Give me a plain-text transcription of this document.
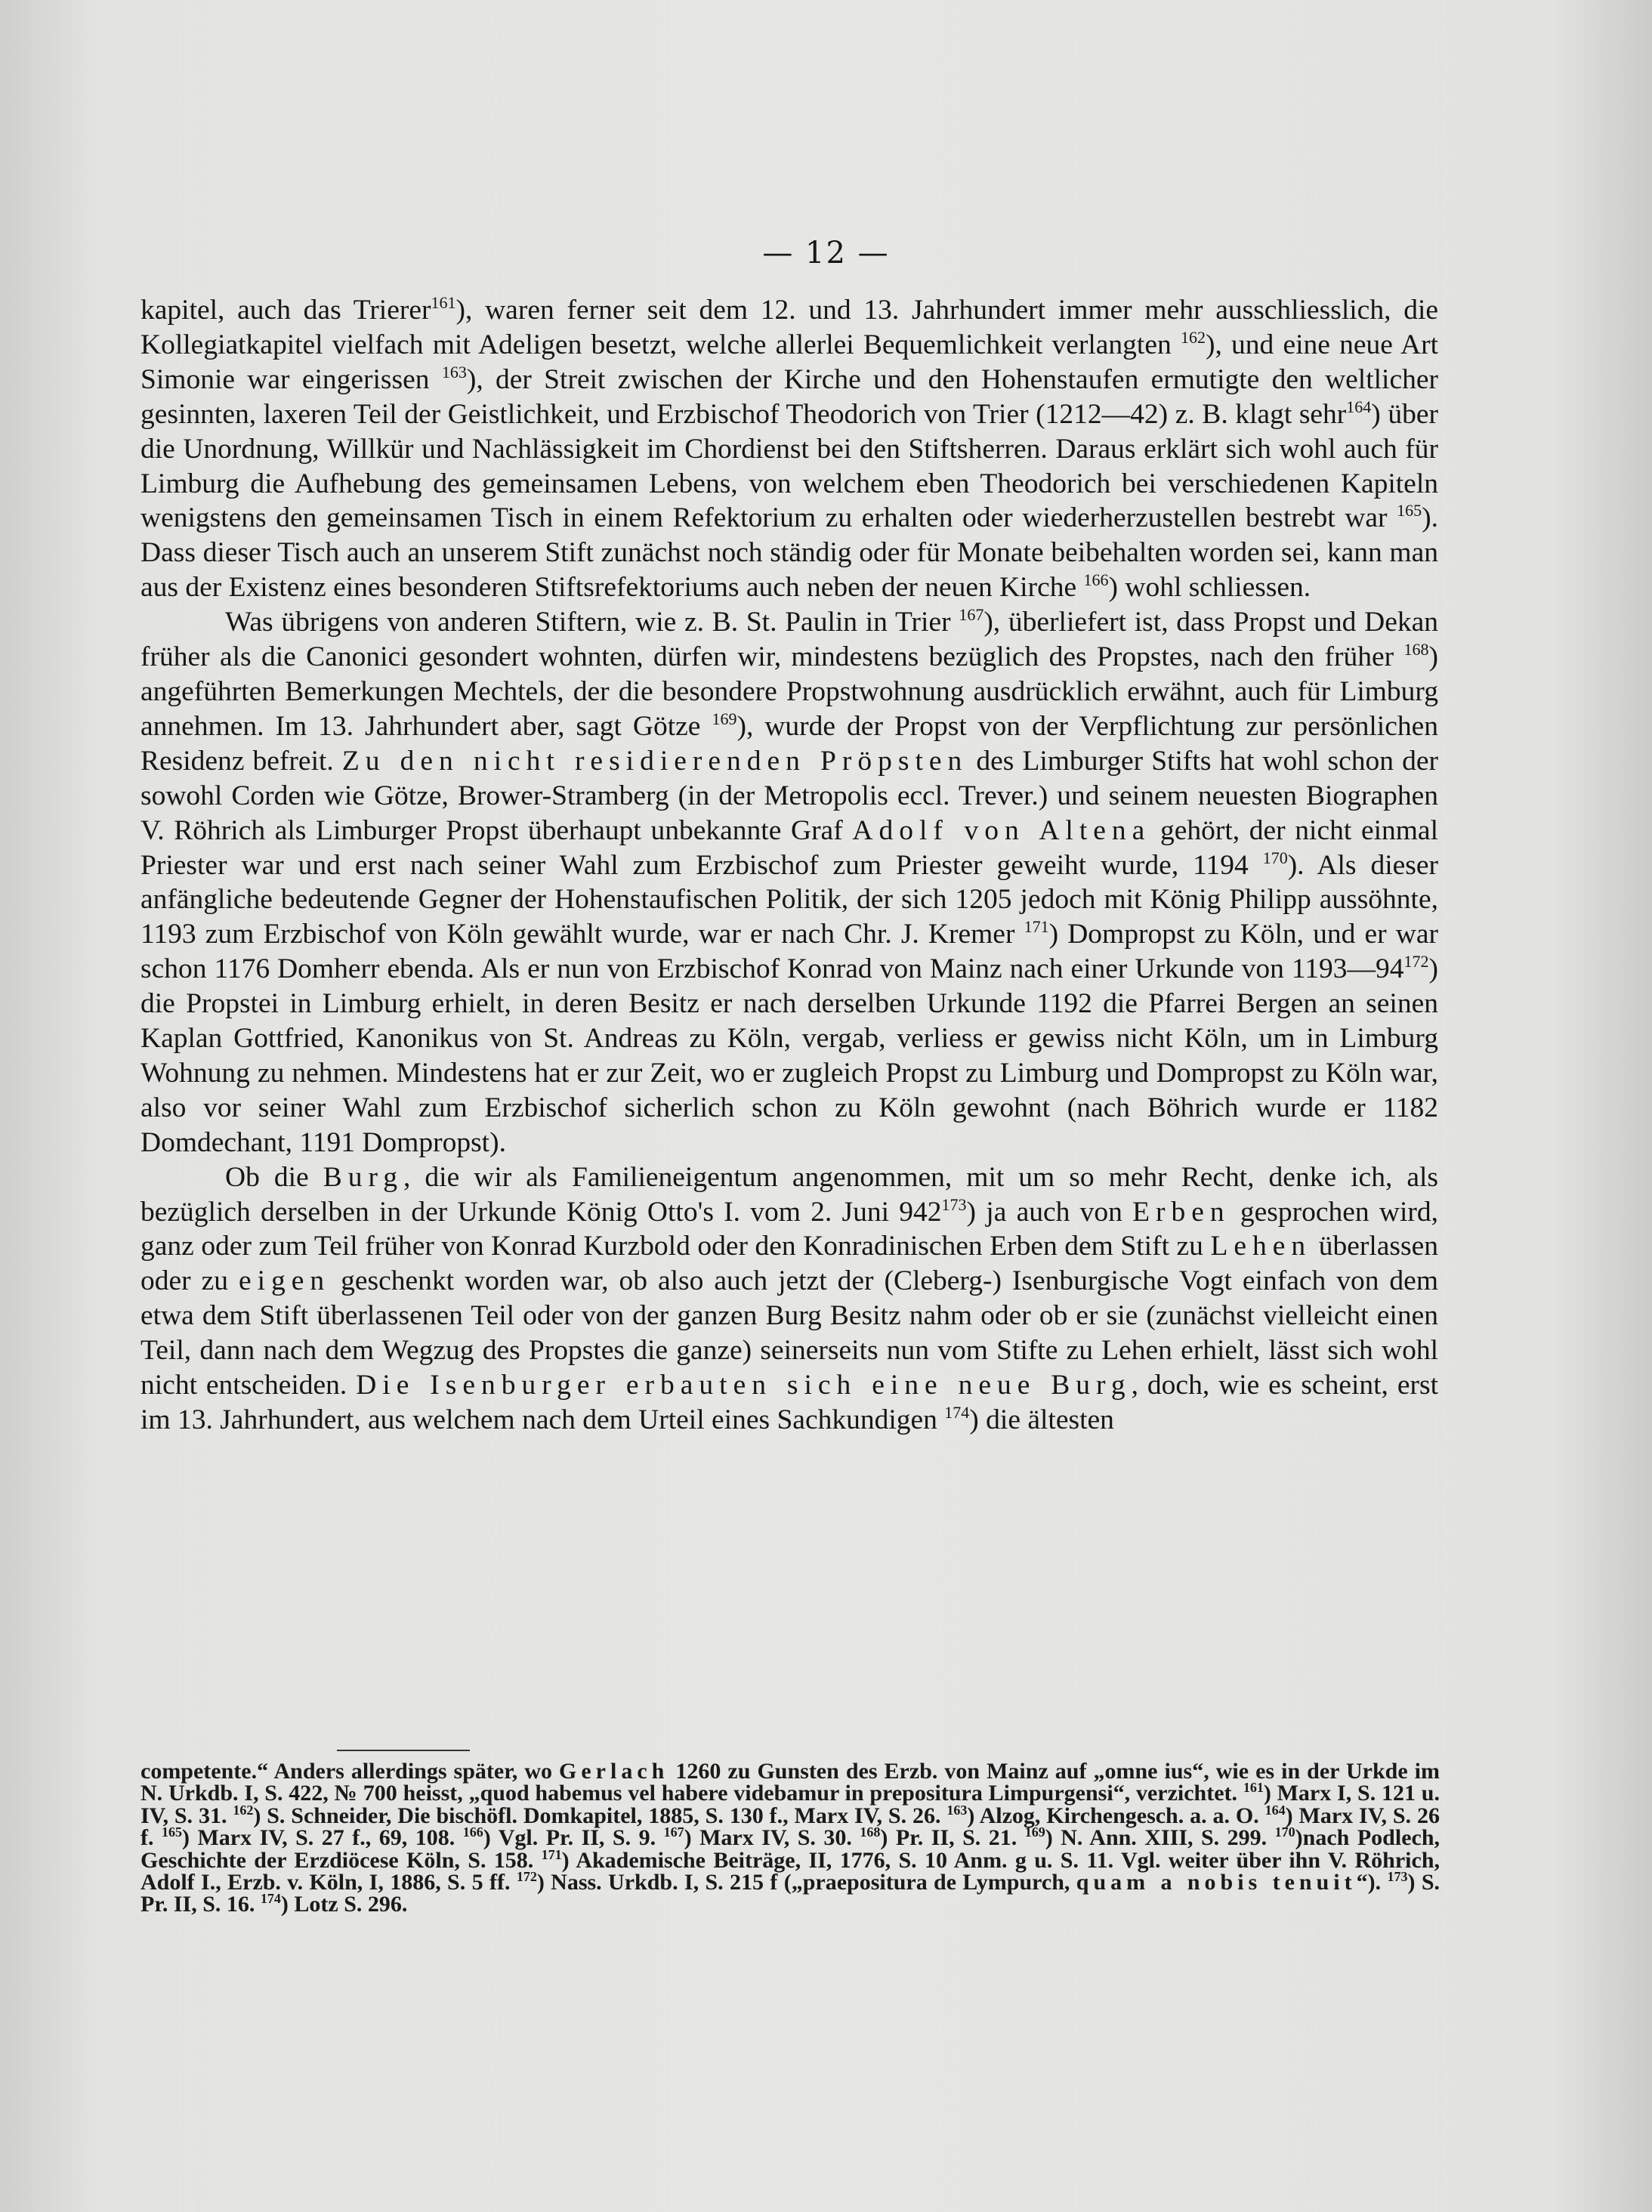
— 12 —

kapitel, auch das Trierer$^{161}$), waren ferner seit dem 12. und 13. Jahrhundert immer mehr ausschliesslich, die Kollegiatkapitel vielfach mit Adeligen besetzt, welche allerlei Bequemlichkeit verlangten $^{162}$), und eine neue Art Simonie war eingerissen $^{163}$), der Streit zwischen der Kirche und den Hohenstaufen ermutigte den weltlicher gesinnten, laxeren Teil der Geistlichkeit, und Erzbischof Theodorich von Trier (1212—42) z. B. klagt sehr$^{164}$) über die Unordnung, Willkür und Nachlässigkeit im Chordienst bei den Stiftsherren. Daraus erklärt sich wohl auch für Limburg die Aufhebung des gemeinsamen Lebens, von welchem eben Theodorich bei verschiedenen Kapiteln wenigstens den gemeinsamen Tisch in einem Refektorium zu erhalten oder wiederherzustellen bestrebt war $^{165}$). Dass dieser Tisch auch an unserem Stift zunächst noch ständig oder für Monate beibehalten worden sei, kann man aus der Existenz eines besonderen Stiftsrefektoriums auch neben der neuen Kirche $^{166}$) wohl schliessen.

Was übrigens von anderen Stiftern, wie z. B. St. Paulin in Trier $^{167}$), überliefert ist, dass Propst und Dekan früher als die Canonici gesondert wohnten, dürfen wir, mindestens bezüglich des Propstes, nach den früher $^{168}$) angeführten Bemerkungen Mechtels, der die besondere Propstwohnung ausdrücklich erwähnt, auch für Limburg annehmen. Im 13. Jahrhundert aber, sagt Götze $^{169}$), wurde der Propst von der Verpflichtung zur persönlichen Residenz befreit. Zu den nicht residierenden Pröpsten des Limburger Stifts hat wohl schon der sowohl Corden wie Götze, Brower-Stramberg (in der Metropolis eccl. Trever.) und seinem neuesten Biographen V. Röhrich als Limburger Propst überhaupt unbekannte Graf Adolf von Altena gehört, der nicht einmal Priester war und erst nach seiner Wahl zum Erzbischof zum Priester geweiht wurde, 1194 $^{170}$). Als dieser anfängliche bedeutende Gegner der Hohenstaufischen Politik, der sich 1205 jedoch mit König Philipp aussöhnte, 1193 zum Erzbischof von Köln gewählt wurde, war er nach Chr. J. Kremer $^{171}$) Dompropst zu Köln, und er war schon 1176 Domherr ebenda. Als er nun von Erzbischof Konrad von Mainz nach einer Urkunde von $1193—94^{172}$) die Propstei in Limburg erhielt, in deren Besitz er nach derselben Urkunde 1192 die Pfarrei Bergen an seinen Kaplan Gottfried, Kanonikus von St. Andreas zu Köln, vergab, verliess er gewiss nicht Köln, um in Limburg Wohnung zu nehmen. Mindestens hat er zur Zeit, wo er zugleich Propst zu Limburg und Dompropst zu Köln war, also vor seiner Wahl zum Erzbischof sicherlich schon zu Köln gewohnt (nach Böhrich wurde er 1182 Domdechant, 1191 Dompropst).

Ob die Burg, die wir als Familieneigentum angenommen, mit um so mehr Recht, denke ich, als bezüglich derselben in der Urkunde König Otto's I. vom 2. Juni $942^{173}$) ja auch von Erben gesprochen wird, ganz oder zum Teil früher von Konrad Kurzbold oder den Konradinischen Erben dem Stift zu Lehen überlassen oder zu eigen geschenkt worden war, ob also auch jetzt der (Cleberg-) Isenburgische Vogt einfach von dem etwa dem Stift überlassenen Teil oder von der ganzen Burg Besitz nahm oder ob er sie (zunächst vielleicht einen Teil, dann nach dem Wegzug des Propstes die ganze) seinerseits nun vom Stifte zu Lehen erhielt, lässt sich wohl nicht entscheiden. Die Isenburger erbauten sich eine neue Burg, doch, wie es scheint, erst im 13. Jahrhundert, aus welchem nach dem Urteil eines Sachkundigen $^{174}$) die ältesten

competente.“ Anders allerdings später, wo Gerlach 1260 zu Gunsten des Erzb. von Mainz auf „omne ius“, wie es in der Urkde im N. Urkdb. I, S. 422, № 700 heisst, „quod habemus vel habere videbamur in prepositura Limpurgensi“, verzichtet. $^{161}$) Marx I, S. 121 u. IV, S. 31. $^{162}$) S. Schneider, Die bischöfl. Domkapitel, 1885, S. 130 f., Marx IV, S. 26. $^{163}$) Alzog, Kirchengesch. a. a. O. $^{164}$) Marx IV, S. 26 f. $^{165}$) Marx IV, S. 27 f., 69, 108. $^{166}$) Vgl. Pr. II, S. 9. $^{167}$) Marx IV, S. 30. $^{168}$) Pr. II, S. 21. $^{169}$) N. Ann. XIII, S. 299. $^{170}$)nach Podlech, Geschichte der Erzdiöcese Köln, S. 158. $^{171}$) Akademische Beiträge, II, 1776, S. 10 Anm. g u. S. 11. Vgl. weiter über ihn V. Röhrich, Adolf I., Erzb. v. Köln, I, 1886, S. 5 ff. $^{172}$) Nass. Urkdb. I, S. 215 f („praepositura de Lympurch, quam a nobis tenuit“). $^{173}$) S. Pr. II, S. 16. $^{174}$) Lotz S. 296.
